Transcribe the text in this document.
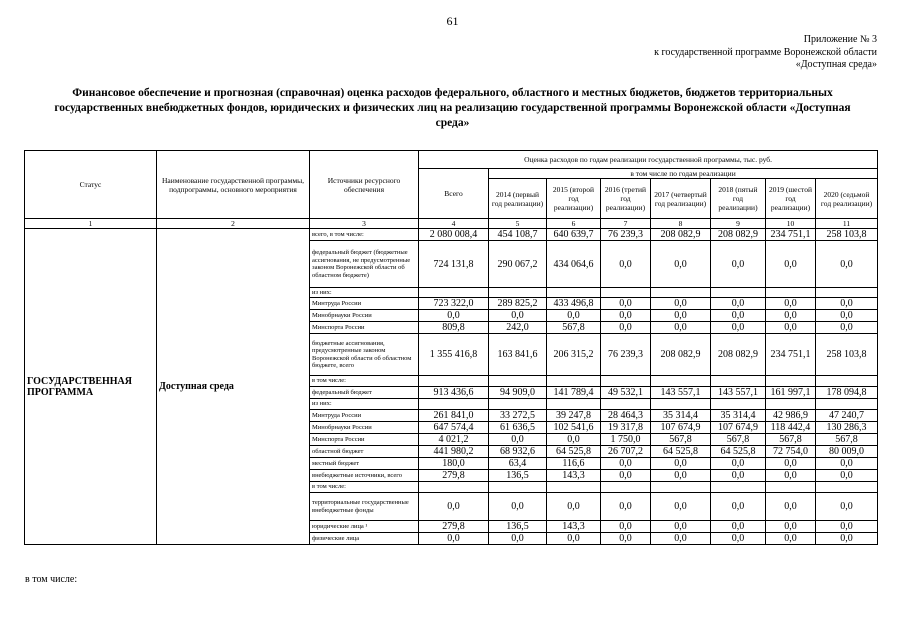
61
Приложение № 3
к государственной программе Воронежской области
«Доступная среда»
Финансовое обеспечение и прогнозная (справочная) оценка расходов федерального, областного и местных бюджетов, бюджетов территориальных
государственных внебюджетных фондов, юридических и физических лиц на реализацию государственной программы Воронежской области «Доступная
среда»
Статус	Наименование государственной программы, подпрограммы, основного мероприятия	Источники ресурсного обеспечения	Оценка расходов по годам реализации государственной программы, тыс. руб.							
			Всего	в том числе по годам реализации						
				2014 (первый год реализации)	2015 (второй год реализации)	2016 (третий год реализации)	2017 (четвертый год реализации)	2018 (пятый год реализации)	2019 (шестой год реализации)	2020 (седьмой год реализации)
1	2	3	4	5	6	7	8	9	10	11
ГОСУДАРСТВЕННАЯ ПРОГРАММА	Доступная среда	всего, в том числе:	2 080 008,4	454 108,7	640 639,7	76 239,3	208 082,9	208 082,9	234 751,1	258 103,8
		федеральный бюджет (бюджетные ассигнования, не предусмотренные законом Воронежской области об областном бюджете)	724 131,8	290 067,2	434 064,6	0,0	0,0	0,0	0,0	0,0
		из них:								
		Минтруда России	723 322,0	289 825,2	433 496,8	0,0	0,0	0,0	0,0	0,0
		Минобрнауки России	0,0	0,0	0,0	0,0	0,0	0,0	0,0	0,0
		Минспорта России	809,8	242,0	567,8	0,0	0,0	0,0	0,0	0,0
		бюджетные ассигнования, предусмотренные законом Воронежской области об областном бюджете, всего	1 355 416,8	163 841,6	206 315,2	76 239,3	208 082,9	208 082,9	234 751,1	258 103,8
		в том числе:								
		федеральный бюджет	913 436,6	94 909,0	141 789,4	49 532,1	143 557,1	143 557,1	161 997,1	178 094,8
		из них:								
		Минтруда России	261 841,0	33 272,5	39 247,8	28 464,3	35 314,4	35 314,4	42 986,9	47 240,7
		Минобрнауки России	647 574,4	61 636,5	102 541,6	19 317,8	107 674,9	107 674,9	118 442,4	130 286,3
		Минспорта России	4 021,2	0,0	0,0	1 750,0	567,8	567,8	567,8	567,8
		областной бюджет	441 980,2	68 932,6	64 525,8	26 707,2	64 525,8	64 525,8	72 754,0	80 009,0
		местный бюджет	180,0	63,4	116,6	0,0	0,0	0,0	0,0	0,0
		внебюджетные источники, всего	279,8	136,5	143,3	0,0	0,0	0,0	0,0	0,0
		в том числе:								
		территориальные государственные внебюджетные фонды	0,0	0,0	0,0	0,0	0,0	0,0	0,0	0,0
		юридические лица ¹	279,8	136,5	143,3	0,0	0,0	0,0	0,0	0,0
		физические лица	0,0	0,0	0,0	0,0	0,0	0,0	0,0	0,0
в том числе:
